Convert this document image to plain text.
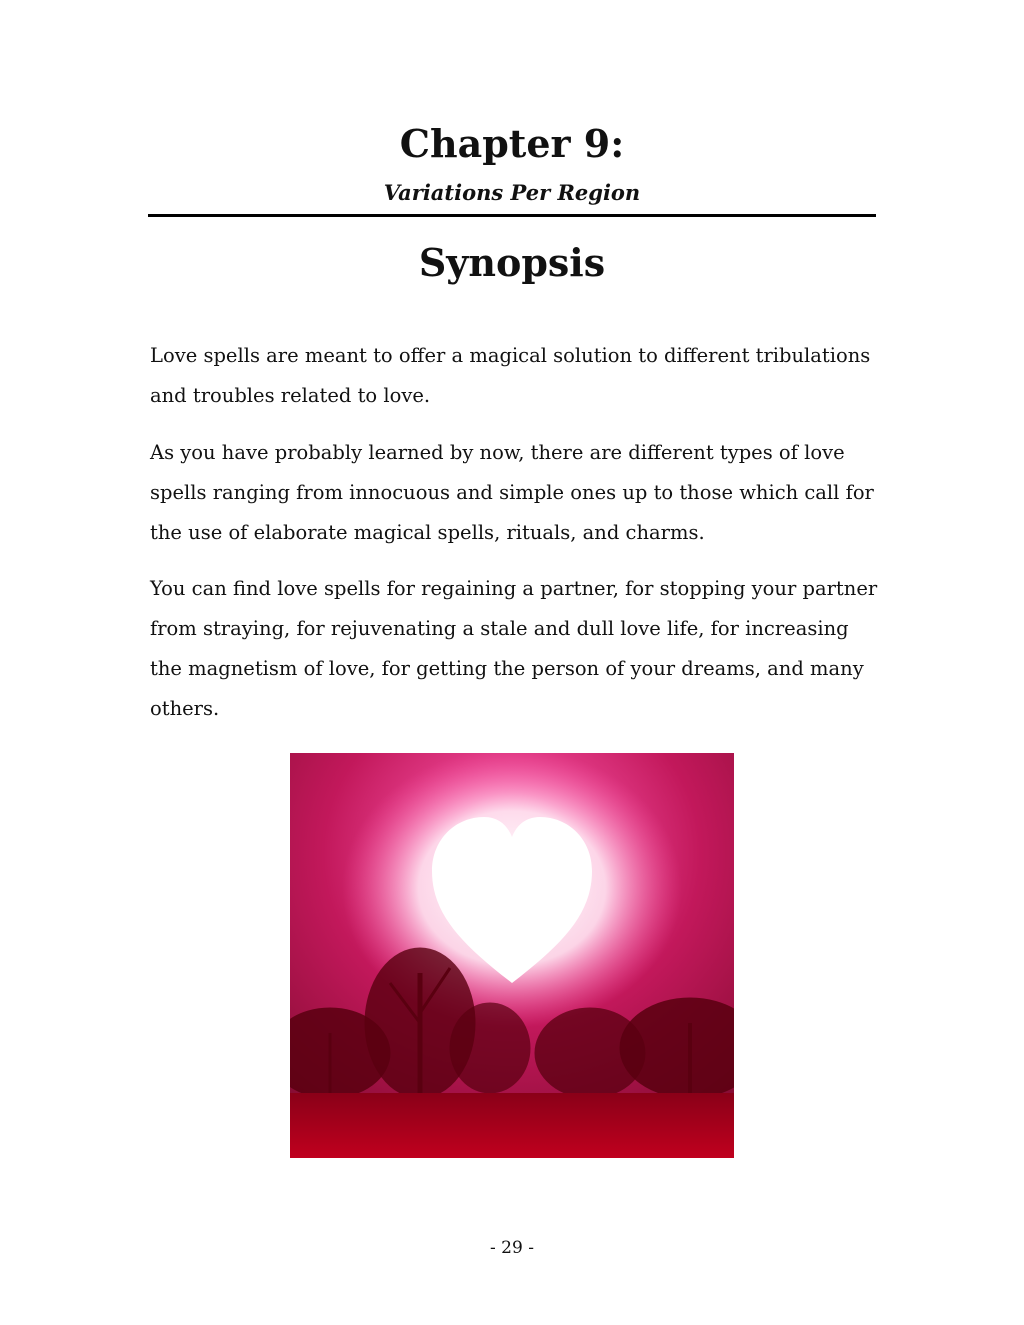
Chapter 9:

Variations Per Region

Synopsis

Love spells are meant to offer a magical solution to different tribulations and troubles related to love.

As you have probably learned by now, there are different types of love spells ranging from innocuous and simple ones up to those which call for the use of elaborate magical spells, rituals, and charms.

You can find love spells for regaining a partner, for stopping your partner from straying, for rejuvenating a stale and dull love life, for increasing the magnetism of love, for getting the person of your dreams, and many others.

- 29 -
